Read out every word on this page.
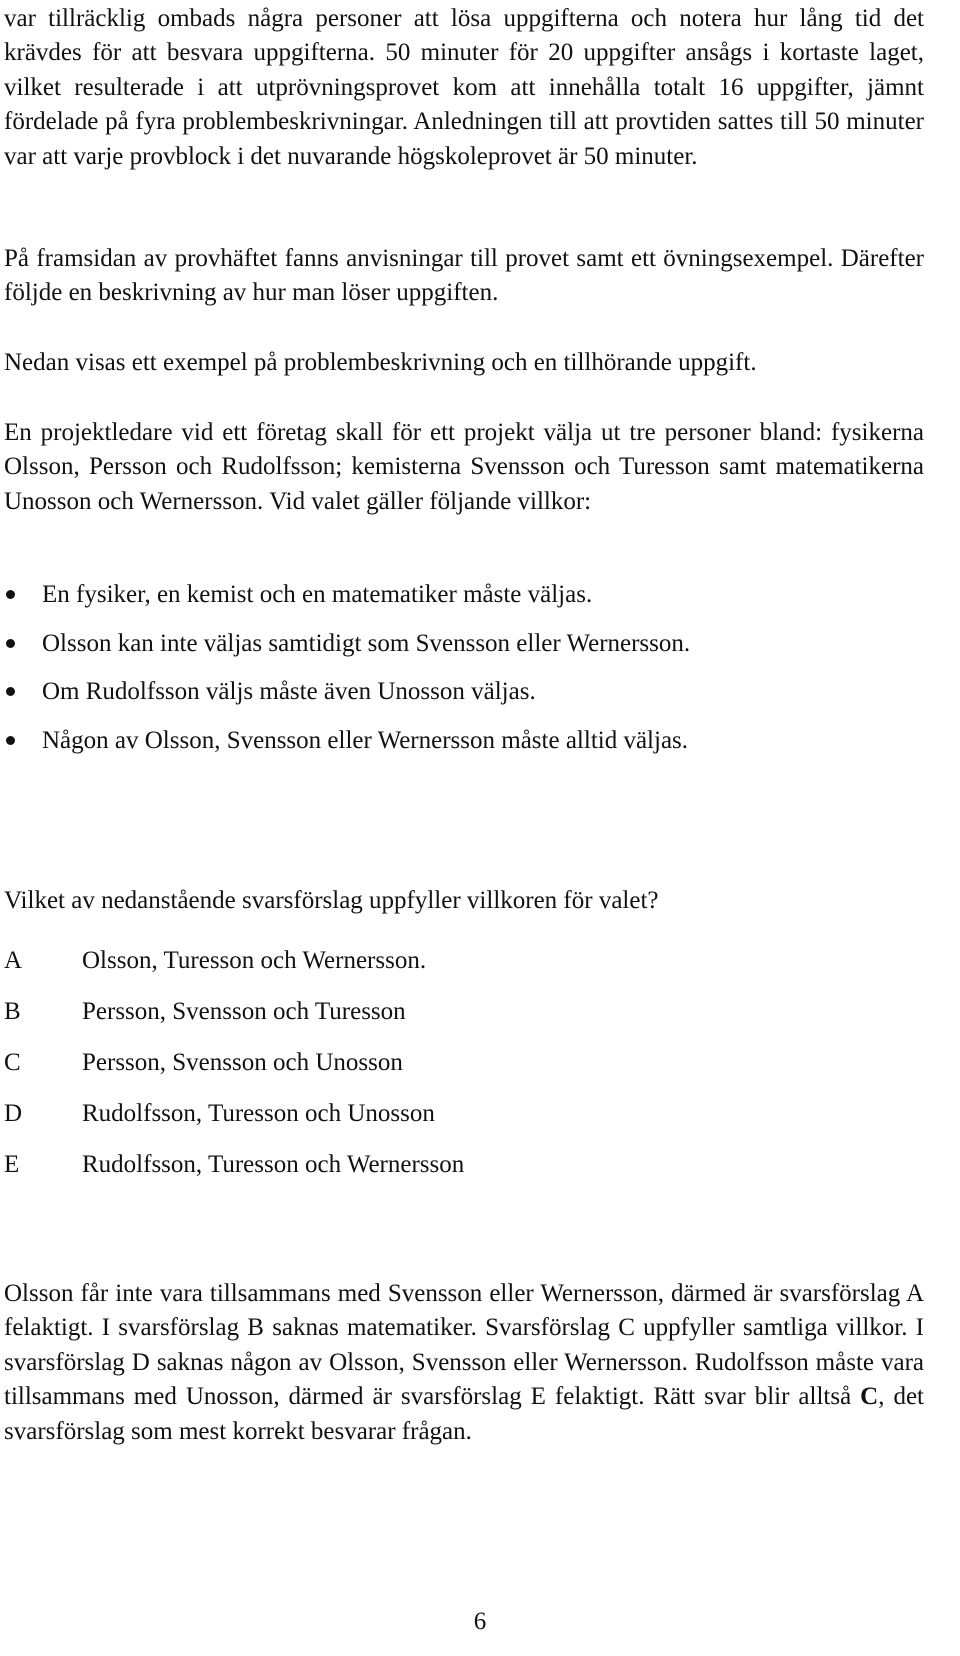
var tillräcklig ombads några personer att lösa uppgifterna och notera hur lång tid det krävdes för att besvara uppgifterna. 50 minuter för 20 uppgifter ansågs i kortaste laget, vilket resulterade i att utprövningsprovet kom att innehålla totalt 16 uppgifter, jämnt fördelade på fyra problembeskrivningar. Anledningen till att provtiden sattes till 50 minuter var att varje provblock i det nuvarande högskoleprovet är 50 minuter.

På framsidan av provhäftet fanns anvisningar till provet samt ett övningsexempel. Därefter följde en beskrivning av hur man löser uppgiften.

Nedan visas ett exempel på problembeskrivning och en tillhörande uppgift.

En projektledare vid ett företag skall för ett projekt välja ut tre personer bland: fysikerna Olsson, Persson och Rudolfsson; kemisterna Svensson och Turesson samt matematikerna Unosson och Wernersson. Vid valet gäller följande villkor:

En fysiker, en kemist och en matematiker måste väljas.
Olsson kan inte väljas samtidigt som Svensson eller Wernersson.
Om Rudolfsson väljs måste även Unosson väljas.
Någon av Olsson, Svensson eller Wernersson måste alltid väljas.

Vilket av nedanstående svarsförslag uppfyller villkoren för valet?

A Olsson, Turesson och Wernersson.
B Persson, Svensson och Turesson
C Persson, Svensson och Unosson
D Rudolfsson, Turesson och Unosson
E	Rudolfsson, Turesson och Wernersson

Olsson får inte vara tillsammans med Svensson eller Wernersson, därmed är svarsförslag A felaktigt. I svarsförslag B saknas matematiker. Svarsförslag C uppfyller samtliga villkor. I svarsförslag D saknas någon av Olsson, Svensson eller Wernersson. Rudolfsson måste vara tillsammans med Unosson, därmed är svarsförslag E felaktigt. Rätt svar blir alltså C, det svarsförslag som mest korrekt besvarar frågan.

6
